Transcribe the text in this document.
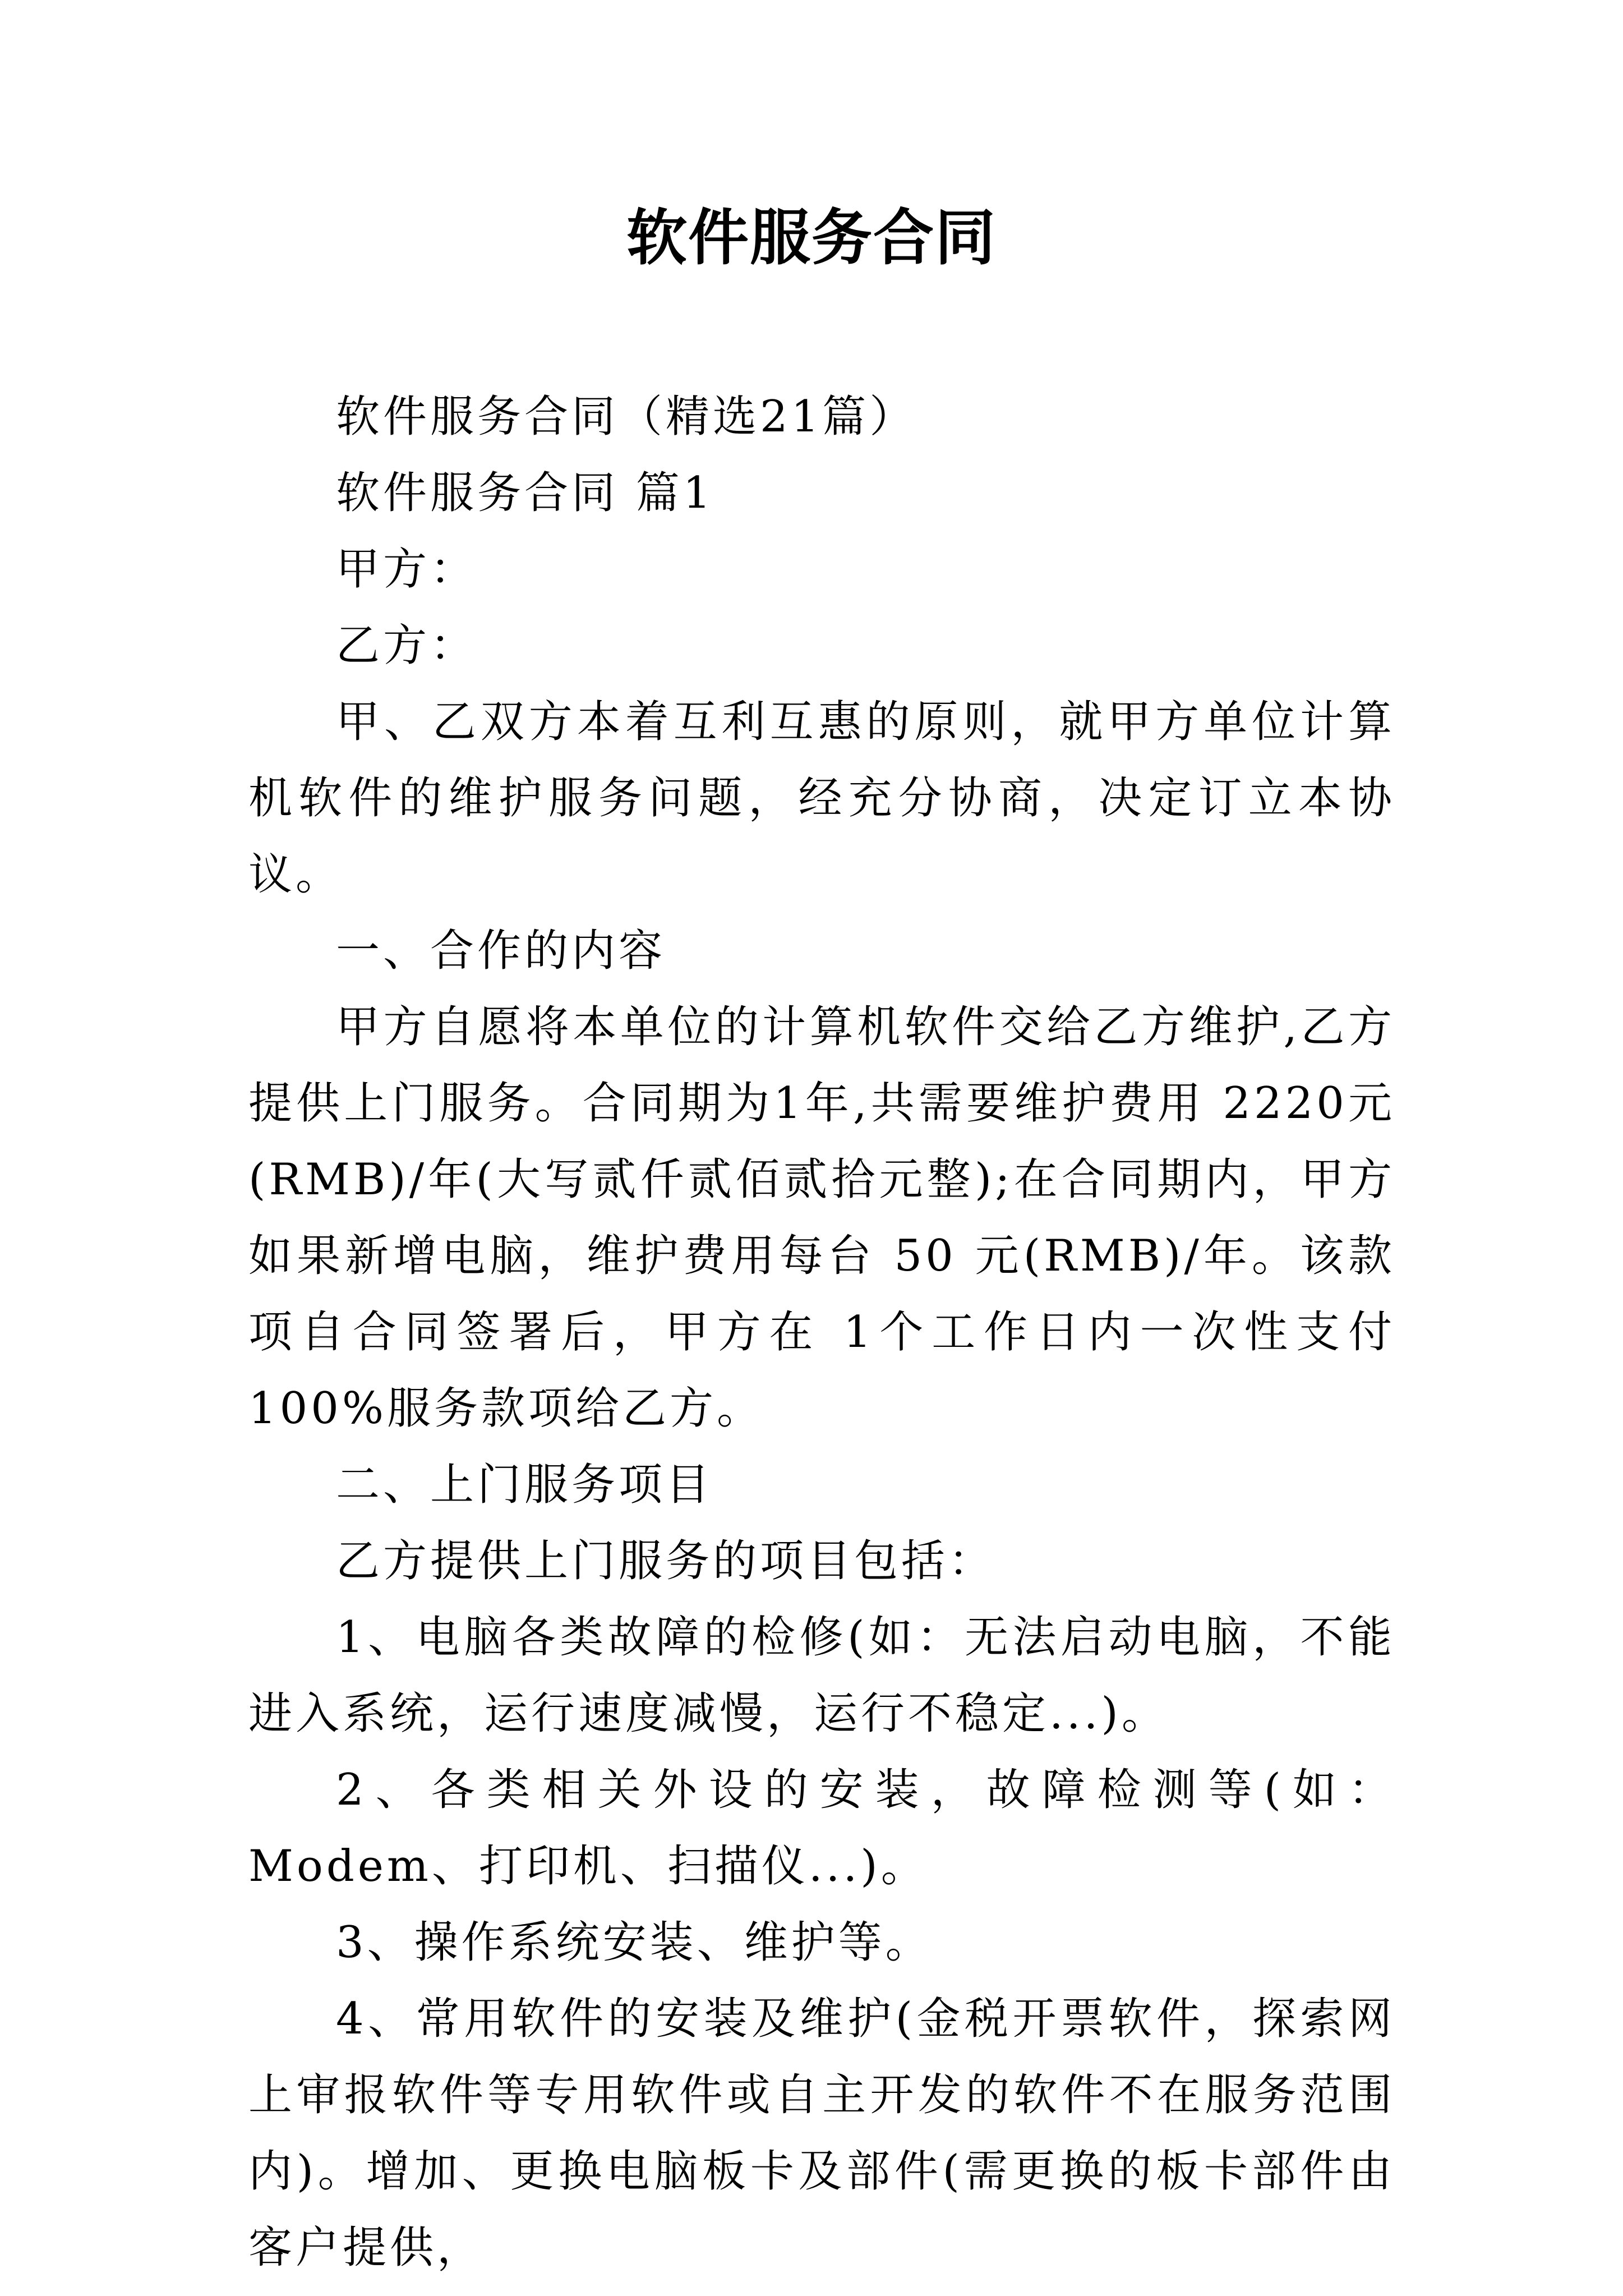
软件服务合同

软件服务合同（精选21篇）

软件服务合同 篇1

甲方：

乙方：

甲、乙双方本着互利互惠的原则，就甲方单位计算机软件的维护服务问题，经充分协商，决定订立本协议。

一、合作的内容

甲方自愿将本单位的计算机软件交给乙方维护,乙方提供上门服务。合同期为1年,共需要维护费用 2220元(RMB)/年(大写贰仟贰佰贰拾元整);在合同期内，甲方如果新增电脑，维护费用每台 50 元(RMB)/年。该款项自合同签署后，甲方在 1个工作日内一次性支付100%服务款项给乙方。

二、上门服务项目

乙方提供上门服务的项目包括：

1、电脑各类故障的检修(如：无法启动电脑，不能进入系统，运行速度减慢，运行不稳定...)。

2、各类相关外设的安装，故障检测等(如：Modem、打印机、扫描仪...)。

3、操作系统安装、维护等。

4、常用软件的安装及维护(金税开票软件，探索网上审报软件等专用软件或自主开发的软件不在服务范围内)。增加、更换电脑板卡及部件(需更换的板卡部件由客户提供，
